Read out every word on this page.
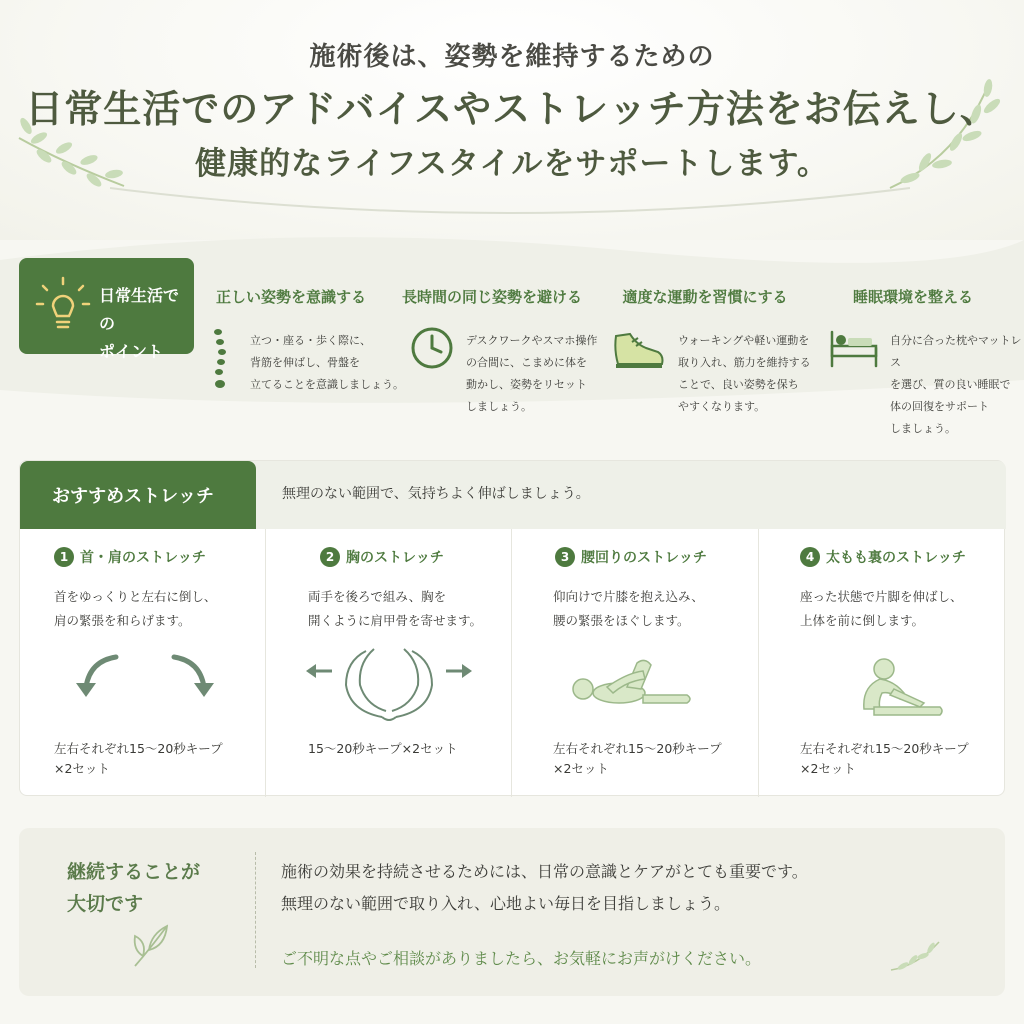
施術後は、姿勢を維持するための
日常生活でのアドバイスやストレッチ方法をお伝えし、
健康的なライフスタイルをサポートします。
日常生活での
ポイント
正しい姿勢を意識する
立つ・座る・歩く際に、
背筋を伸ばし、骨盤を
立てることを意識しましょう。
長時間の同じ姿勢を避ける
デスクワークやスマホ操作
の合間に、こまめに体を
動かし、姿勢をリセット
しましょう。
適度な運動を習慣にする
ウォーキングや軽い運動を
取り入れ、筋力を維持する
ことで、良い姿勢を保ち
やすくなります。
睡眠環境を整える
自分に合った枕やマットレス
を選び、質の良い睡眠で
体の回復をサポート
しましょう。
おすすめストレッチ	無理のない範囲で、気持ちよく伸ばしましょう。
1 首・肩のストレッチ
首をゆっくりと左右に倒し、
肩の緊張を和らげます。
左右それぞれ15〜20秒キープ
×2セット
2 胸のストレッチ
両手を後ろで組み、胸を
開くように肩甲骨を寄せます。
15〜20秒キープ×2セット
3 腰回りのストレッチ
仰向けで片膝を抱え込み、
腰の緊張をほぐします。
左右それぞれ15〜20秒キープ
×2セット
4 太もも裏のストレッチ
座った状態で片脚を伸ばし、
上体を前に倒します。
左右それぞれ15〜20秒キープ
×2セット
継続することが
大切です
施術の効果を持続させるためには、日常の意識とケアがとても重要です。
無理のない範囲で取り入れ、心地よい毎日を目指しましょう。
ご不明な点やご相談がありましたら、お気軽にお声がけください。
